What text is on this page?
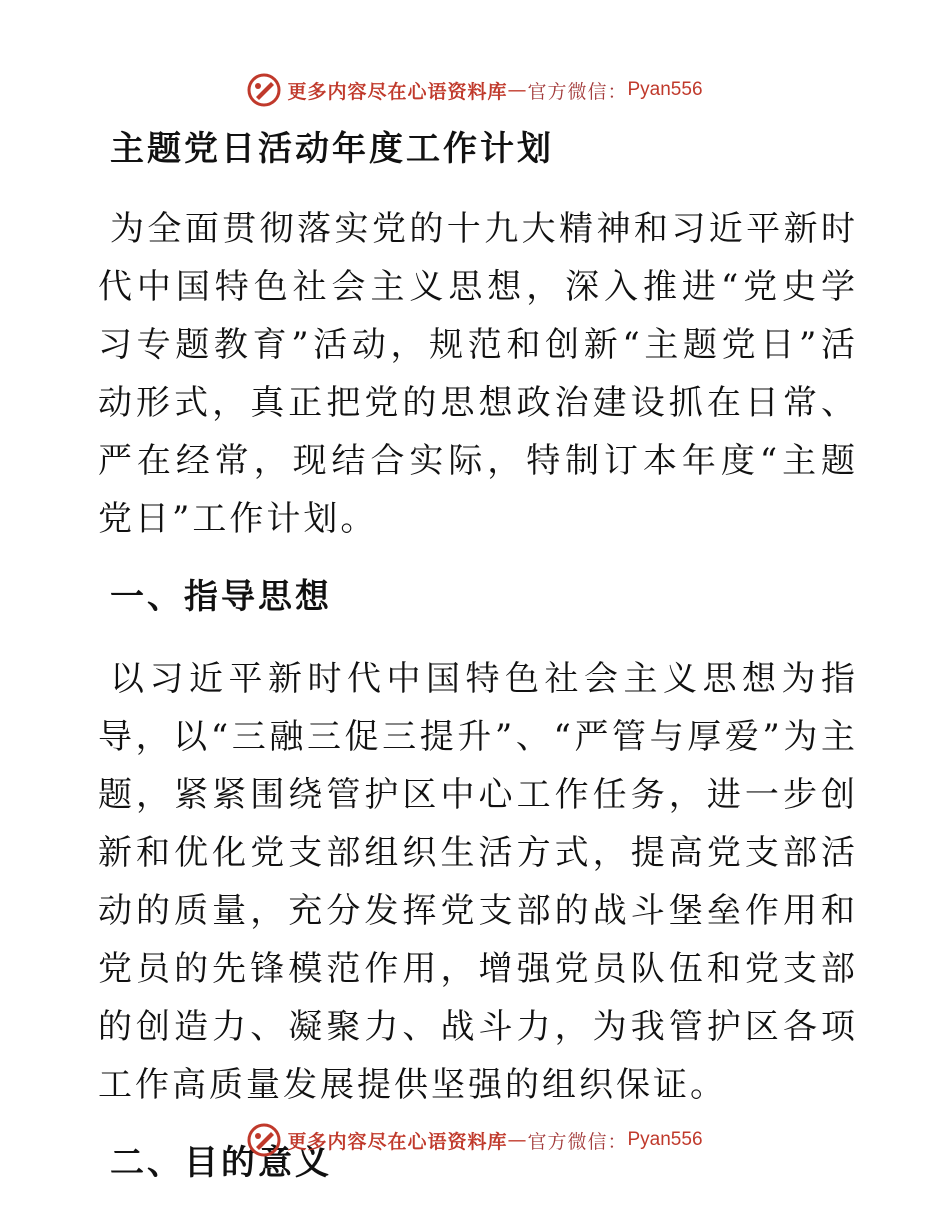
更多内容尽在心语资料库 — 官方微信： Pyan556
主题党日活动年度工作计划

为全面贯彻落实党的十九大精神和习近平新时代中国特色社会主义思想，深入推进“党史学习专题教育”活动，规范和创新“主题党日”活动形式，真正把党的思想政治建设抓在日常、严在经常，现结合实际，特制订本年度“主题党日”工作计划。

一、指导思想

以习近平新时代中国特色社会主义思想为指导，以“三融三促三提升”、“严管与厚爱”为主题，紧紧围绕管护区中心工作任务，进一步创新和优化党支部组织生活方式，提高党支部活动的质量，充分发挥党支部的战斗堡垒作用和党员的先锋模范作用，增强党员队伍和党支部的创造力、凝聚力、战斗力，为我管护区各项工作高质量发展提供坚强的组织保证。

二、目的意义
更多内容尽在心语资料库 — 官方微信： Pyan556
